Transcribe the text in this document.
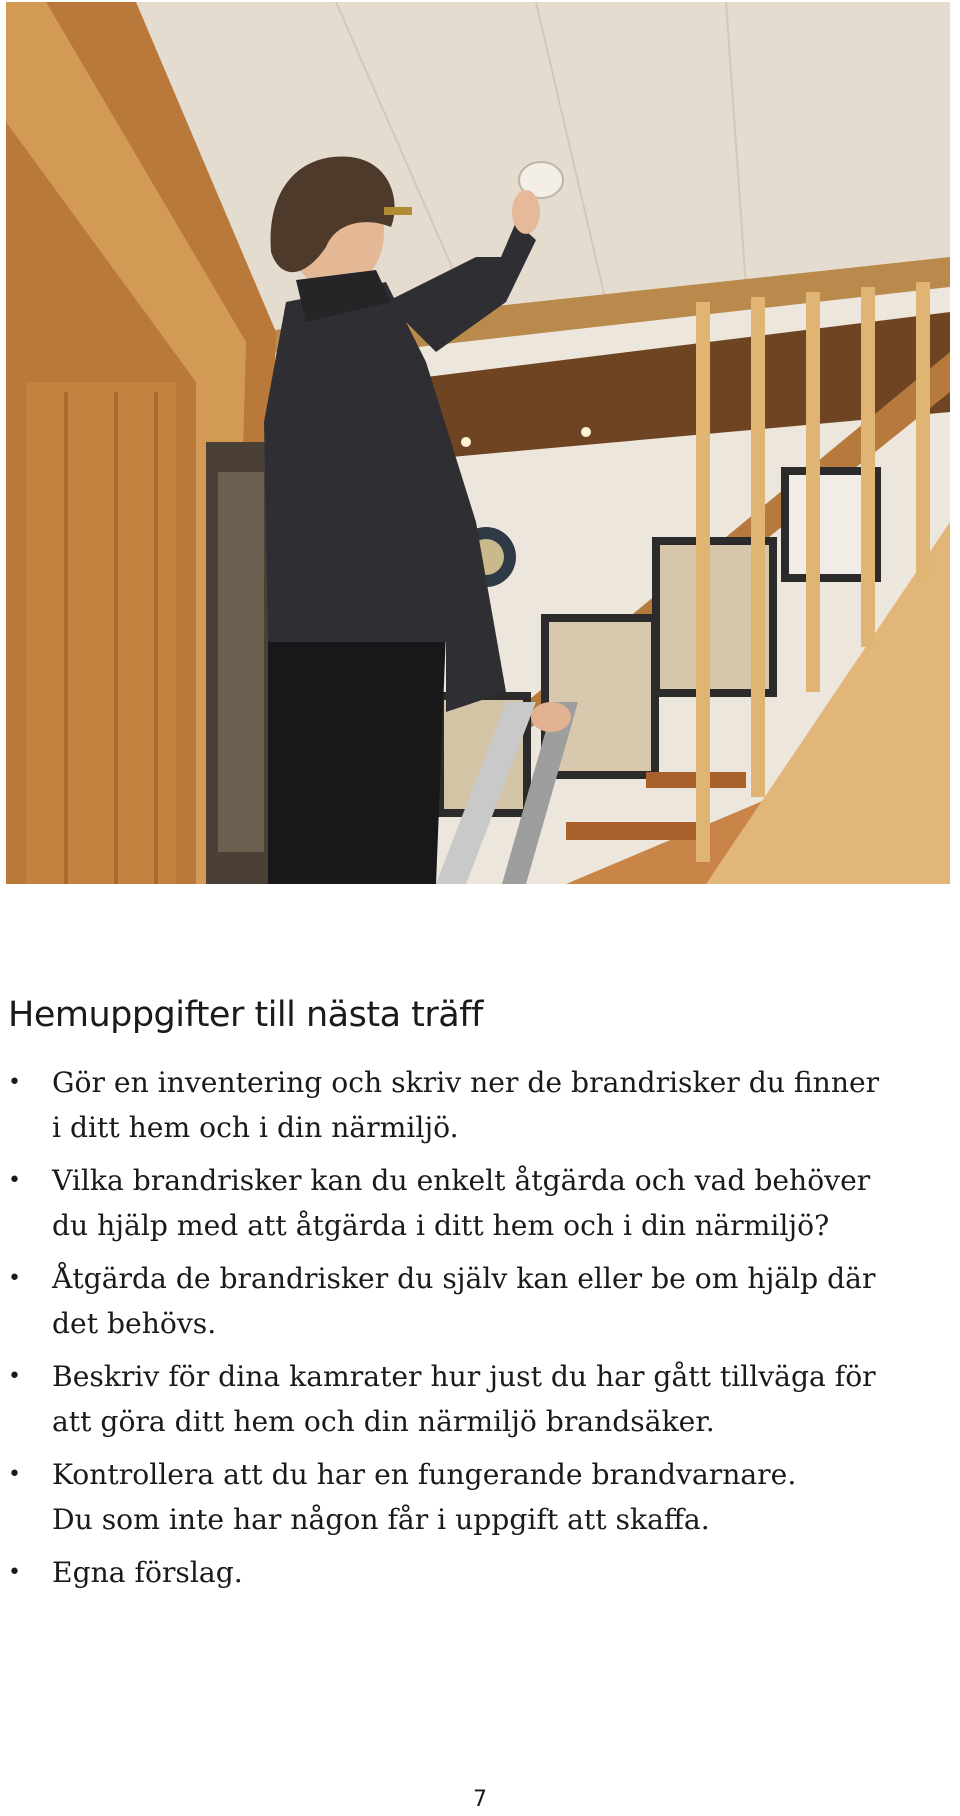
Hemuppgifter till nästa träff
• Gör en inventering och skriv ner de brandrisker du finner
i ditt hem och i din närmiljö.
• Vilka brandrisker kan du enkelt åtgärda och vad behöver
du hjälp med att åtgärda i ditt hem och i din närmiljö?
• Åtgärda de brandrisker du själv kan eller be om hjälp där
det behövs.
• Beskriv för dina kamrater hur just du har gått tillväga för
att göra ditt hem och din närmiljö brandsäker.
• Kontrollera att du har en fungerande brandvarnare.
Du som inte har någon får i uppgift att skaffa.
• Egna förslag.
7
